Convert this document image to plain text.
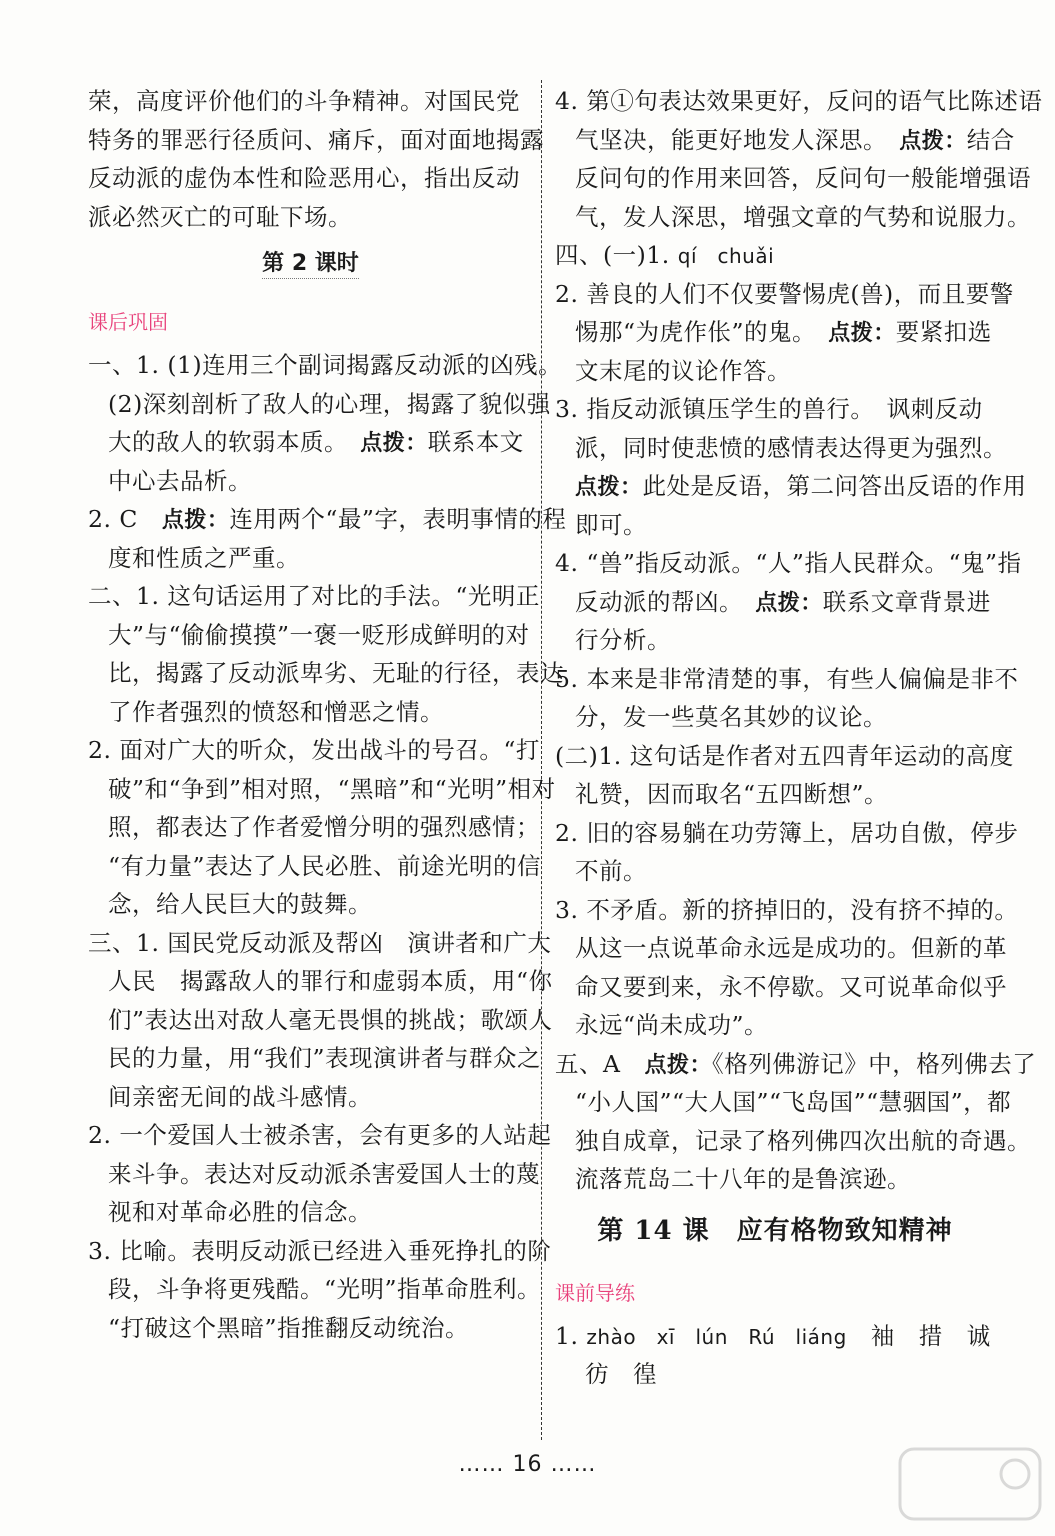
荣，高度评价他们的斗争精神。对国民党
特务的罪恶行径质问、痛斥，面对面地揭露
反动派的虚伪本性和险恶用心，指出反动
派必然灭亡的可耻下场。
第 2 课时
课后巩固
一、1. (1)连用三个副词揭露反动派的凶残。
(2)深刻剖析了敌人的心理，揭露了貌似强
大的敌人的软弱本质。　 点拨：联系本文
中心去品析。
2. C　 点拨：连用两个“最”字，表明事情的程
度和性质之严重。
二、1. 这句话运用了对比的手法。“光明正
大”与“偷偷摸摸”一褒一贬形成鲜明的对
比，揭露了反动派卑劣、无耻的行径，表达
了作者强烈的愤怒和憎恶之情。
2. 面对广大的听众，发出战斗的号召。“打
破”和“争到”相对照，“黑暗”和“光明”相对
照，都表达了作者爱憎分明的强烈感情；
“有力量”表达了人民必胜、前途光明的信
念，给人民巨大的鼓舞。
三、1. 国民党反动派及帮凶　演讲者和广大
人民　揭露敌人的罪行和虚弱本质，用“你
们”表达出对敌人毫无畏惧的挑战；歌颂人
民的力量，用“我们”表现演讲者与群众之
间亲密无间的战斗感情。
2. 一个爱国人士被杀害，会有更多的人站起
来斗争。表达对反动派杀害爱国人士的蔑
视和对革命必胜的信念。
3. 比喻。表明反动派已经进入垂死挣扎的阶
段，斗争将更残酷。“光明”指革命胜利。
“打破这个黑暗”指推翻反动统治。
4. 第①句表达效果更好，反问的语气比陈述语
气坚决，能更好地发人深思。　 点拨：结合
反问句的作用来回答，反问句一般能增强语
气，发人深思，增强文章的气势和说服力。
四、(一)1. qí　chuǎi
2. 善良的人们不仅要警惕虎(兽)，而且要警
惕那“为虎作伥”的鬼。　 点拨：要紧扣选
文末尾的议论作答。
3. 指反动派镇压学生的兽行。　讽刺反动
派，同时使悲愤的感情表达得更为强烈。
点拨：此处是反语，第二问答出反语的作用
即可。
4. “兽”指反动派。“人”指人民群众。“鬼”指
反动派的帮凶。　 点拨：联系文章背景进
行分析。
5. 本来是非常清楚的事，有些人偏偏是非不
分，发一些莫名其妙的议论。
(二)1. 这句话是作者对五四青年运动的高度
礼赞，因而取名“五四断想”。
2. 旧的容易躺在功劳簿上，居功自傲，停步
不前。
3. 不矛盾。新的挤掉旧的，没有挤不掉的。
从这一点说革命永远是成功的。但新的革
命又要到来，永不停歇。又可说革命似乎
永远“尚未成功”。
五、A　 点拨：《格列佛游记》中，格列佛去了
“小人国”“大人国”“飞岛国”“慧骃国”，都
独自成章，记录了格列佛四次出航的奇遇。
流落荒岛二十八年的是鲁滨逊。
第 14 课　应有格物致知精神
课前导练
1. zhào　xī　lún　Rú　liáng　袖　措　诚
彷　徨
…… 16 ……
